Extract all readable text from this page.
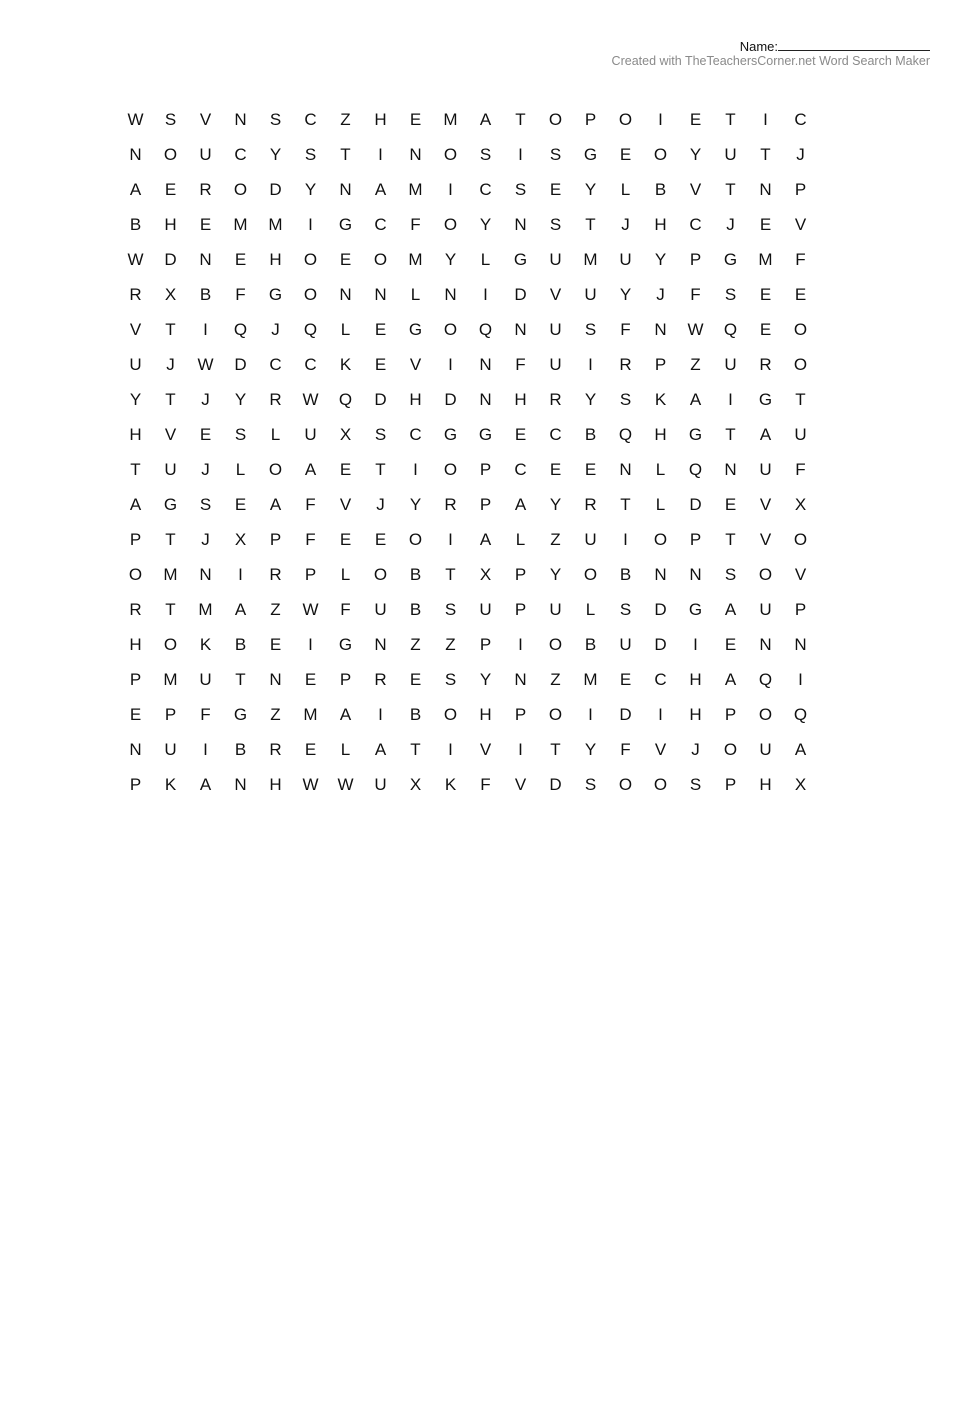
Name:
Created with TheTeachersCorner.net Word Search Maker
W	S	V	N	S	C	Z	H	E	M	A	T	O	P	O	I	E	T	I	C
N	O	U	C	Y	S	T	I	N	O	S	I	S	G	E	O	Y	U	T	J
A	E	R	O	D	Y	N	A	M	I	C	S	E	Y	L	B	V	T	N	P
B	H	E	M	M	I	G	C	F	O	Y	N	S	T	J	H	C	J	E	V
W	D	N	E	H	O	E	O	M	Y	L	G	U	M	U	Y	P	G	M	F
R	X	B	F	G	O	N	N	L	N	I	D	V	U	Y	J	F	S	E	E
V	T	I	Q	J	Q	L	E	G	O	Q	N	U	S	F	N	W	Q	E	O
U	J	W	D	C	C	K	E	V	I	N	F	U	I	R	P	Z	U	R	O
Y	T	J	Y	R	W	Q	D	H	D	N	H	R	Y	S	K	A	I	G	T
H	V	E	S	L	U	X	S	C	G	G	E	C	B	Q	H	G	T	A	U
T	U	J	L	O	A	E	T	I	O	P	C	E	E	N	L	Q	N	U	F
A	G	S	E	A	F	V	J	Y	R	P	A	Y	R	T	L	D	E	V	X
P	T	J	X	P	F	E	E	O	I	A	L	Z	U	I	O	P	T	V	O
O	M	N	I	R	P	L	O	B	T	X	P	Y	O	B	N	N	S	O	V
R	T	M	A	Z	W	F	U	B	S	U	P	U	L	S	D	G	A	U	P
H	O	K	B	E	I	G	N	Z	Z	P	I	O	B	U	D	I	E	N	N
P	M	U	T	N	E	P	R	E	S	Y	N	Z	M	E	C	H	A	Q	I
E	P	F	G	Z	M	A	I	B	O	H	P	O	I	D	I	H	P	O	Q
N	U	I	B	R	E	L	A	T	I	V	I	T	Y	F	V	J	O	U	A
P	K	A	N	H	W	W	U	X	K	F	V	D	S	O	O	S	P	H	X
